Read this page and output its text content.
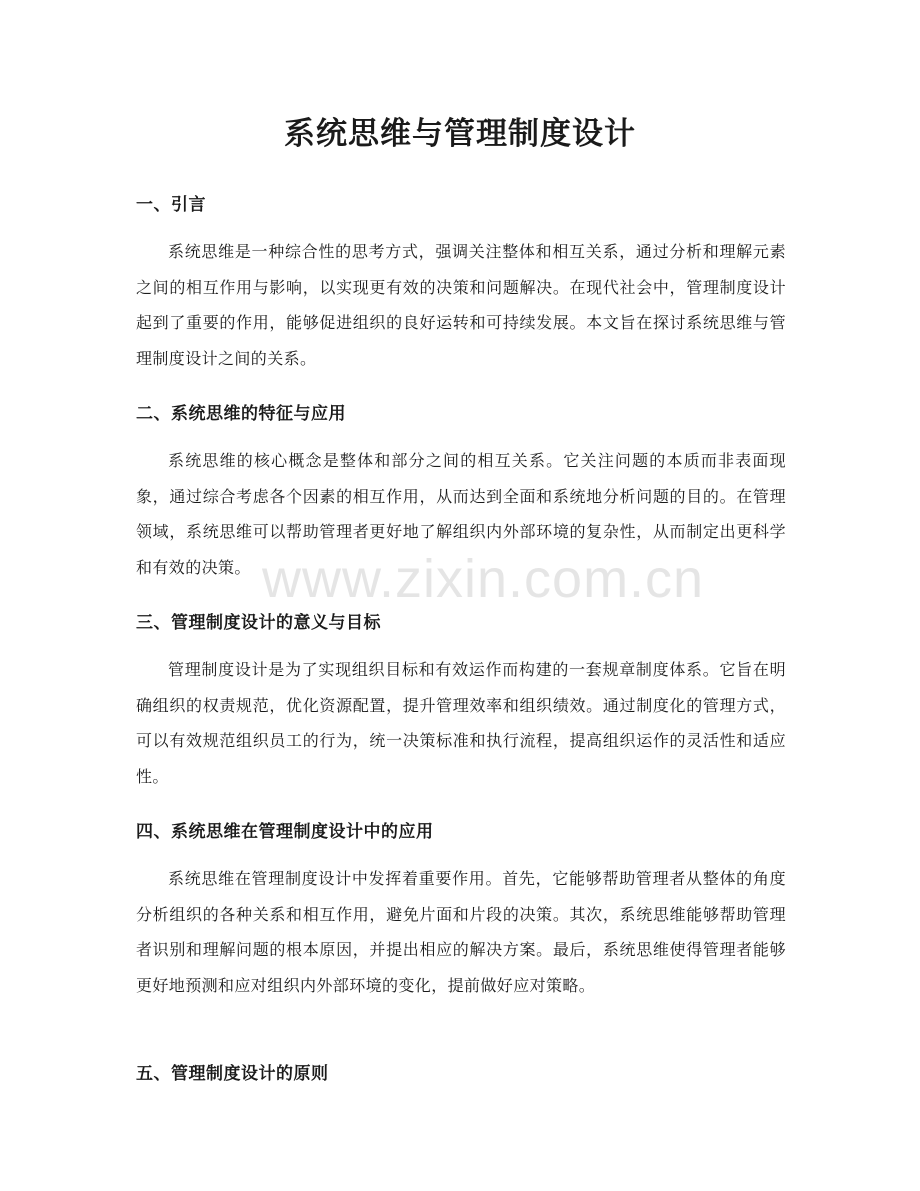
系统思维与管理制度设计
一、引言

系统思维是一种综合性的思考方式，强调关注整体和相互关系，通过分析和理解元素之间的相互作用与影响，以实现更有效的决策和问题解决。在现代社会中，管理制度设计起到了重要的作用，能够促进组织的良好运转和可持续发展。本文旨在探讨系统思维与管理制度设计之间的关系。

二、系统思维的特征与应用

系统思维的核心概念是整体和部分之间的相互关系。它关注问题的本质而非表面现象，通过综合考虑各个因素的相互作用，从而达到全面和系统地分析问题的目的。在管理领域，系统思维可以帮助管理者更好地了解组织内外部环境的复杂性，从而制定出更科学和有效的决策。

三、管理制度设计的意义与目标

管理制度设计是为了实现组织目标和有效运作而构建的一套规章制度体系。它旨在明确组织的权责规范，优化资源配置，提升管理效率和组织绩效。通过制度化的管理方式，可以有效规范组织员工的行为，统一决策标准和执行流程，提高组织运作的灵活性和适应性。

四、系统思维在管理制度设计中的应用

系统思维在管理制度设计中发挥着重要作用。首先，它能够帮助管理者从整体的角度分析组织的各种关系和相互作用，避免片面和片段的决策。其次，系统思维能够帮助管理者识别和理解问题的根本原因，并提出相应的解决方案。最后，系统思维使得管理者能够更好地预测和应对组织内外部环境的变化，提前做好应对策略。

五、管理制度设计的原则
www.zixin.com.cn
